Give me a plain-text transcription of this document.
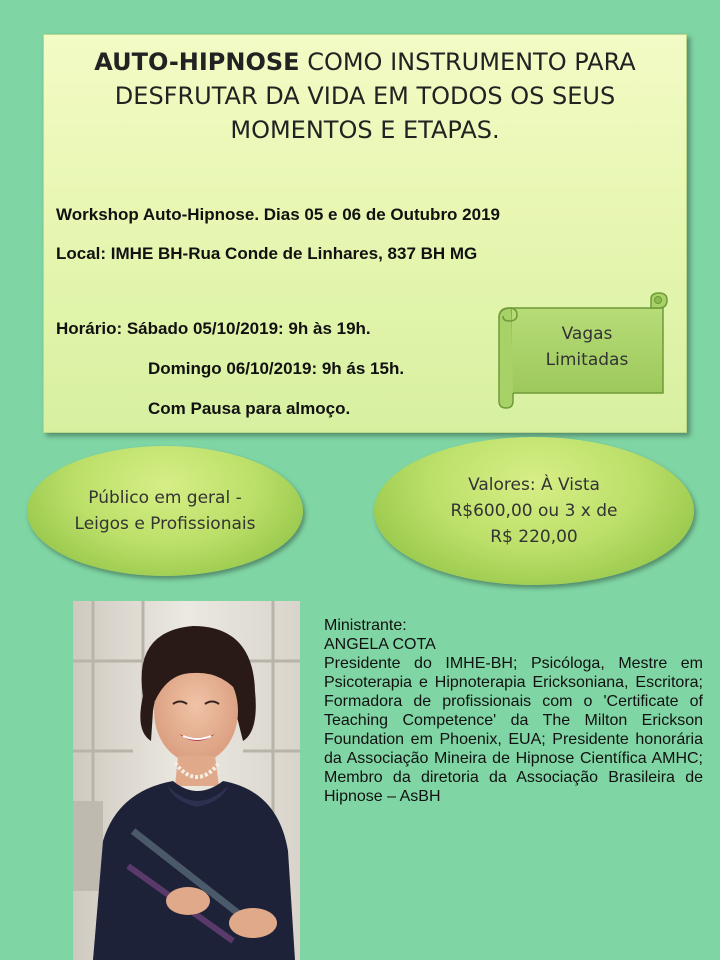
AUTO-HIPNOSE COMO INSTRUMENTO PARA
DESFRUTAR DA VIDA EM TODOS OS SEUS
MOMENTOS E ETAPAS.
Workshop Auto-Hipnose. Dias 05 e 06 de Outubro 2019
Local: IMHE BH-Rua Conde de Linhares, 837 BH MG
Horário: Sábado 05/10/2019: 9h às 19h.
Domingo 06/10/2019: 9h ás 15h.
Com Pausa para almoço.
Vagas
Limitadas
Público em geral -
Leigos e Profissionais
Valores: À Vista
R$600,00 ou 3 x de
R$ 220,00
Ministrante:
ANGELA COTA
Presidente do IMHE-BH; Psicóloga, Mestre em Psicoterapia e Hipnoterapia Ericksoniana, Escritora; Formadora de profissionais com o 'Certificate of Teaching Competence' da The Milton Erickson Foundation em Phoenix, EUA; Presidente honorária da Associação Mineira de Hipnose Científica AMHC; Membro da diretoria da Associação Brasileira de Hipnose – AsBH
